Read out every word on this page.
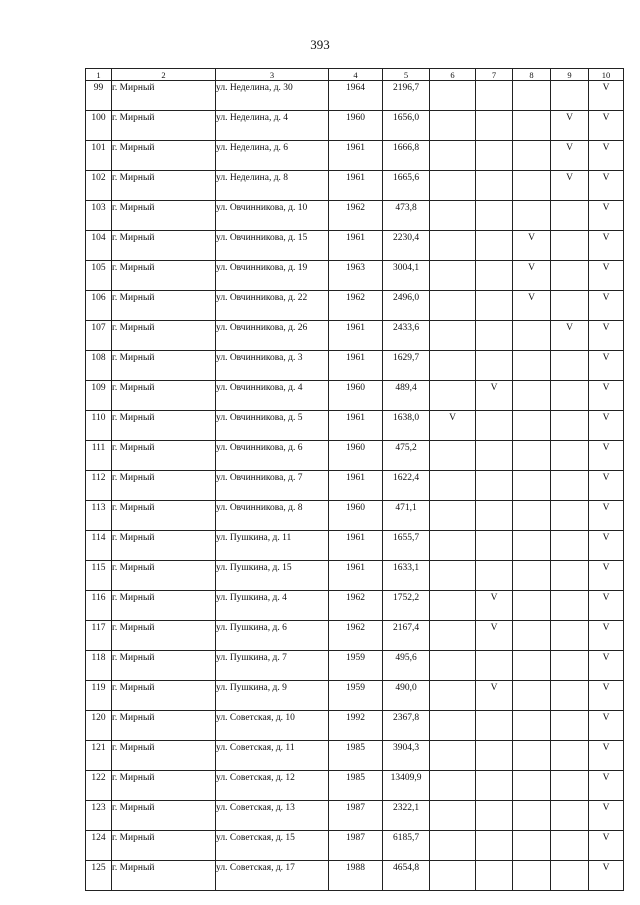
393
1	2	3	4	5	6	7	8	9	10
99	г. Мирный	ул. Неделина, д. 30	1964	2196,7					V
100	г. Мирный	ул. Неделина, д. 4	1960	1656,0				V	V
101	г. Мирный	ул. Неделина, д. 6	1961	1666,8				V	V
102	г. Мирный	ул. Неделина, д. 8	1961	1665,6				V	V
103	г. Мирный	ул. Овчинникова, д. 10	1962	473,8					V
104	г. Мирный	ул. Овчинникова, д. 15	1961	2230,4			V		V
105	г. Мирный	ул. Овчинникова, д. 19	1963	3004,1			V		V
106	г. Мирный	ул. Овчинникова, д. 22	1962	2496,0			V		V
107	г. Мирный	ул. Овчинникова, д. 26	1961	2433,6				V	V
108	г. Мирный	ул. Овчинникова, д. 3	1961	1629,7					V
109	г. Мирный	ул. Овчинникова, д. 4	1960	489,4		V			V
110	г. Мирный	ул. Овчинникова, д. 5	1961	1638,0	V				V
111	г. Мирный	ул. Овчинникова, д. 6	1960	475,2					V
112	г. Мирный	ул. Овчинникова, д. 7	1961	1622,4					V
113	г. Мирный	ул. Овчинникова, д. 8	1960	471,1					V
114	г. Мирный	ул. Пушкина, д. 11	1961	1655,7					V
115	г. Мирный	ул. Пушкина, д. 15	1961	1633,1					V
116	г. Мирный	ул. Пушкина, д. 4	1962	1752,2		V			V
117	г. Мирный	ул. Пушкина, д. 6	1962	2167,4		V			V
118	г. Мирный	ул. Пушкина, д. 7	1959	495,6					V
119	г. Мирный	ул. Пушкина, д. 9	1959	490,0		V			V
120	г. Мирный	ул. Советская, д. 10	1992	2367,8					V
121	г. Мирный	ул. Советская, д. 11	1985	3904,3					V
122	г. Мирный	ул. Советская, д. 12	1985	13409,9					V
123	г. Мирный	ул. Советская, д. 13	1987	2322,1					V
124	г. Мирный	ул. Советская, д. 15	1987	6185,7					V
125	г. Мирный	ул. Советская, д. 17	1988	4654,8					V
